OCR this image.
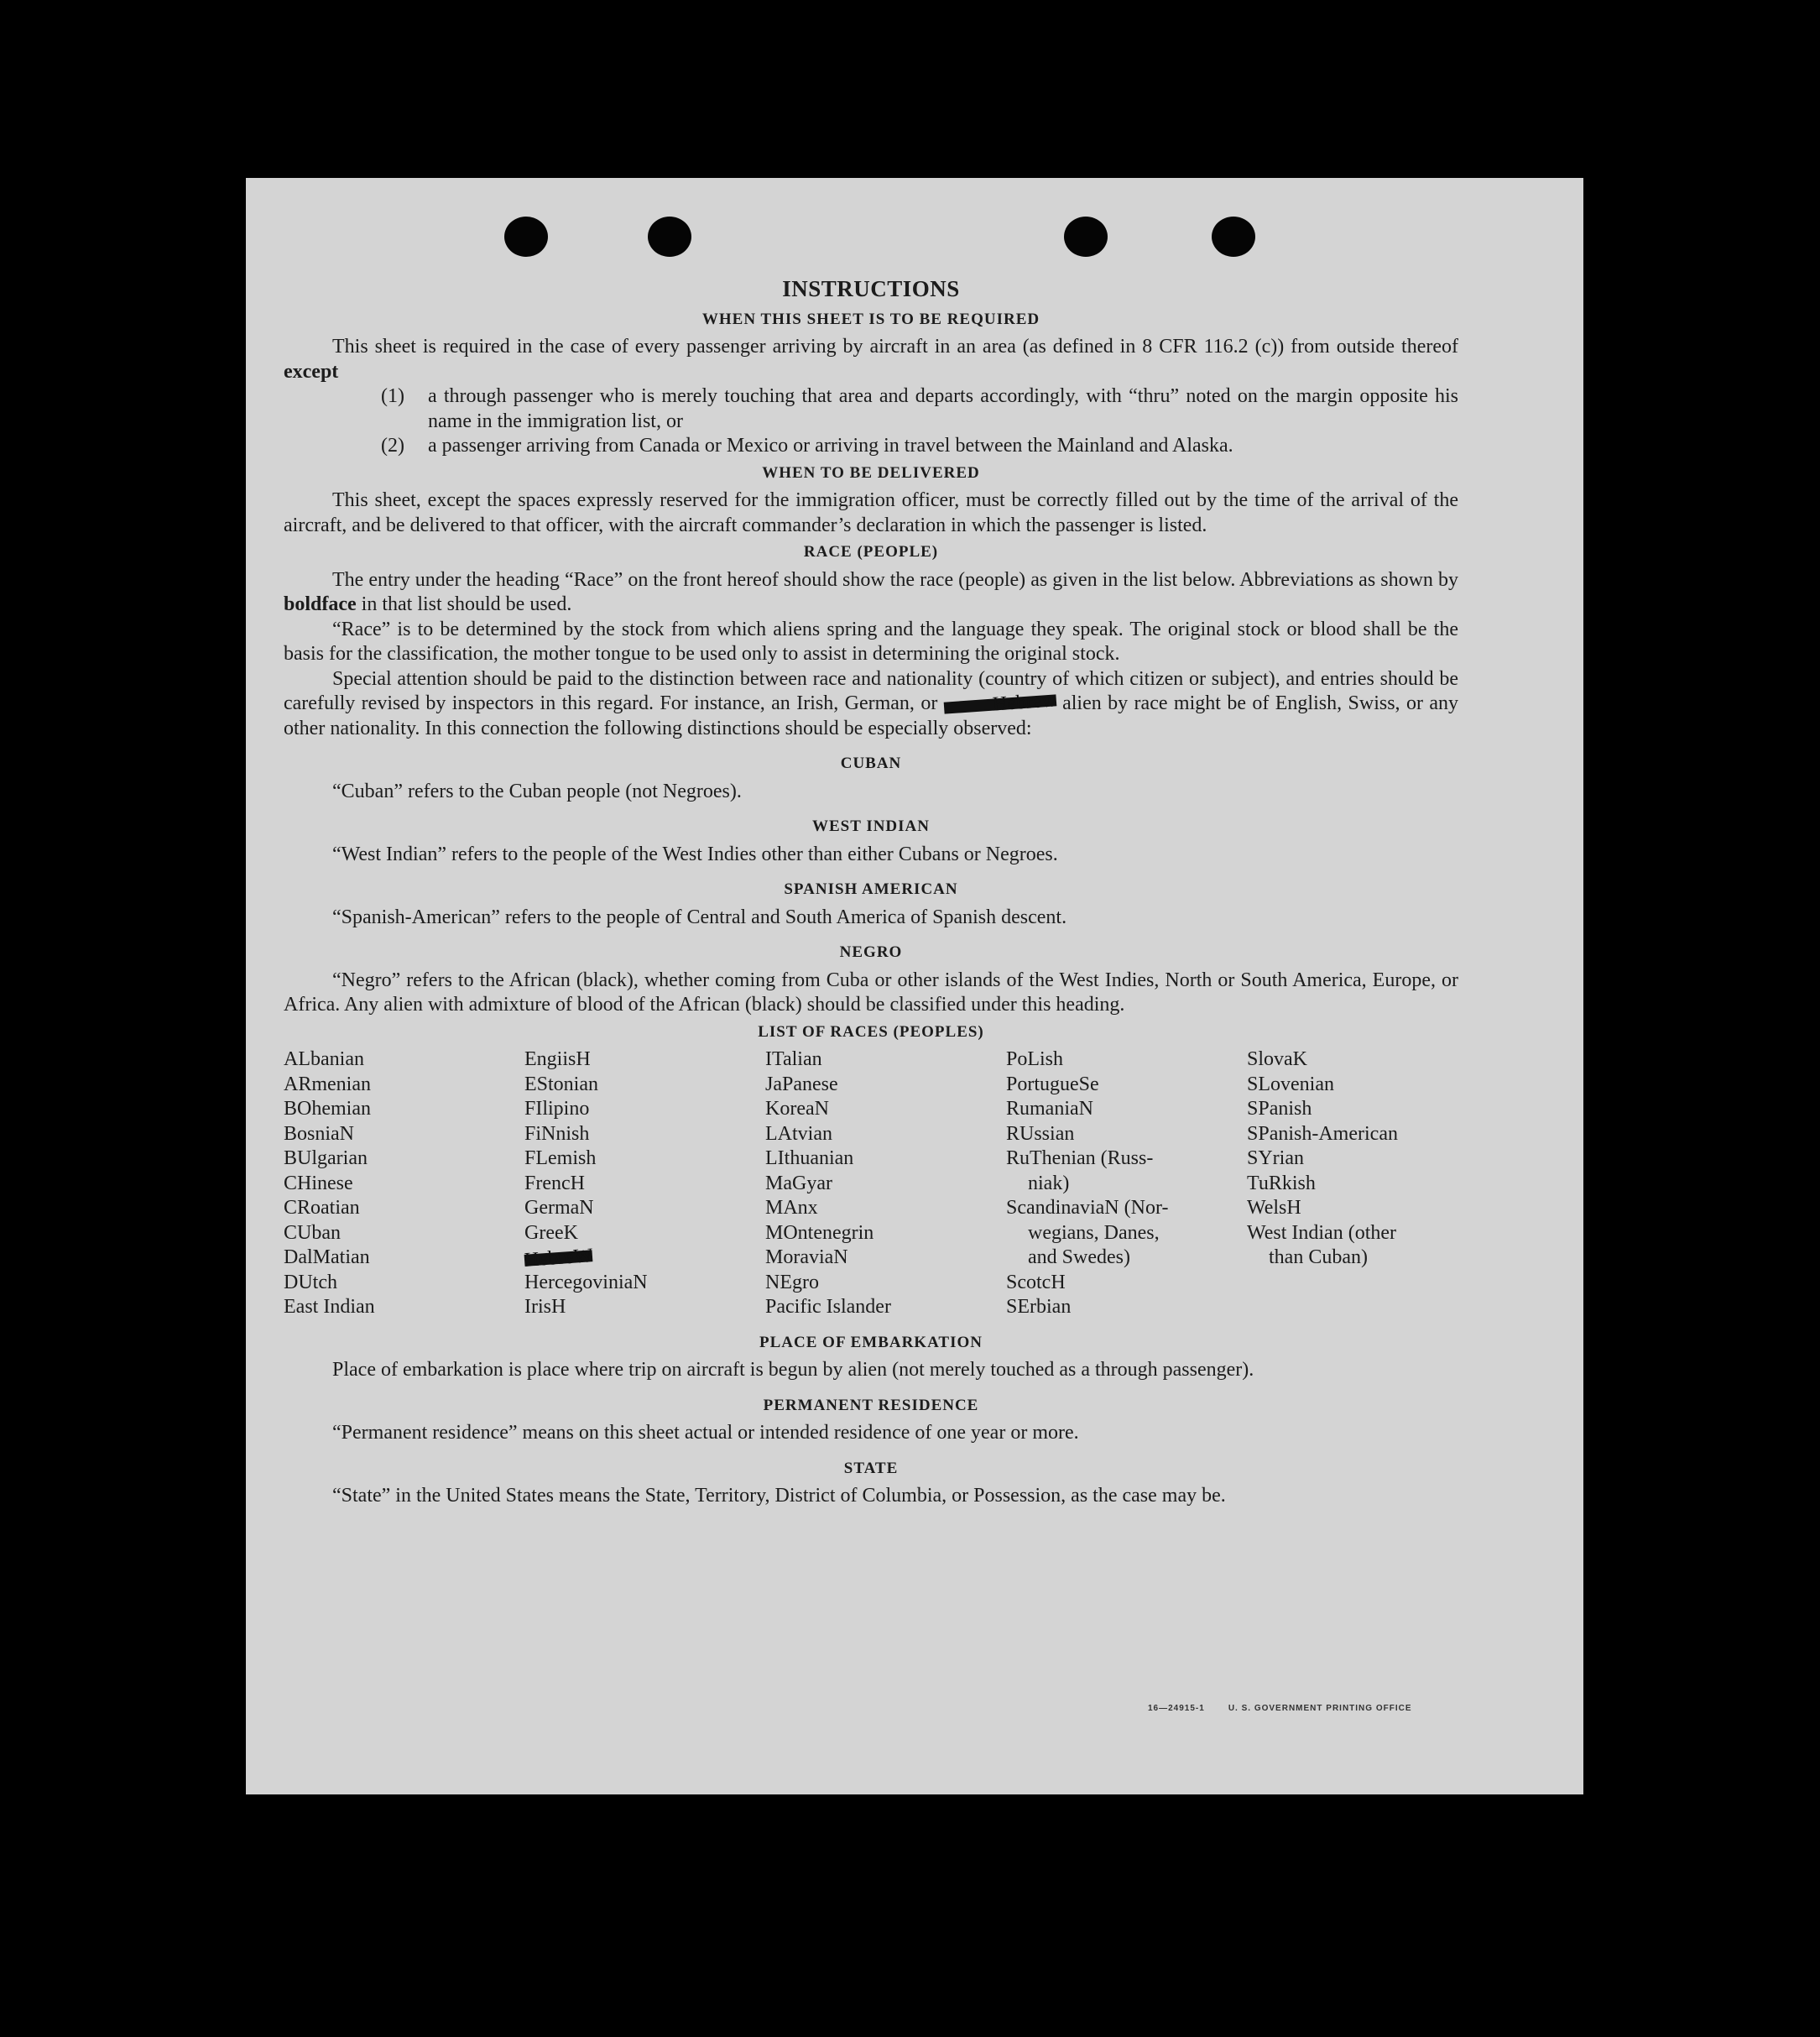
INSTRUCTIONS
WHEN THIS SHEET IS TO BE REQUIRED

This sheet is required in the case of every passenger arriving by aircraft in an area (as defined in 8 CFR 116.2 (c)) from outside thereof except

(1)	a through passenger who is merely touching that area and departs accordingly, with “thru” noted on the margin opposite his name in the immigration list, or
(2)	a passenger arriving from Canada or Mexico or arriving in travel between the Mainland and Alaska.
WHEN TO BE DELIVERED

This sheet, except the spaces expressly reserved for the immigration officer, must be correctly filled out by the time of the arrival of the aircraft, and be delivered to that officer, with the aircraft commander’s declaration in which the passenger is listed.

RACE (PEOPLE)

The entry under the heading “Race” on the front hereof should show the race (people) as given in the list below. Abbreviations as shown by boldface in that list should be used.

“Race” is to be determined by the stock from which aliens spring and the language they speak. The original stock or blood shall be the basis for the classification, the mother tongue to be used only to assist in determining the original stock.

Special attention should be paid to the distinction between race and nationality (country of which citizen or subject), and entries should be carefully revised by inspectors in this regard. For instance, an Irish, German, or Hebrew alien by race might be of English, Swiss, or any other nationality. In this connection the following distinctions should be especially observed:

CUBAN

“Cuban” refers to the Cuban people (not Negroes).

WEST INDIAN

“West Indian” refers to the people of the West Indies other than either Cubans or Negroes.

SPANISH AMERICAN

“Spanish-American” refers to the people of Central and South America of Spanish descent.

NEGRO

“Negro” refers to the African (black), whether coming from Cuba or other islands of the West Indies, North or South America, Europe, or Africa. Any alien with admixture of blood of the African (black) should be classified under this heading.

LIST OF RACES (PEOPLES)
ALbanian
ARmenian
BOhemian
BosniaN
BUlgarian
CHinese
CRoatian
CUban
DalMatian
DUtch
East Indian
EngiisH
EStonian
FIlipino
FiNnish
FLemish
FrencH
GermaN
GreeK
HebreW
HercegoviniaN
IrisH
ITalian
JaPanese
KoreaN
LAtvian
LIthuanian
MaGyar
MAnx
MOntenegrin
MoraviaN
NEgro
Pacific Islander
PoLish
PortugueSe
RumaniaN
RUssian
RuThenian (Russ-
niak)
ScandinaviaN (Nor-
wegians, Danes,
and Swedes)
ScotcH
SErbian
SlovaK
SLovenian
SPanish
SPanish-American
SYrian
TuRkish
WelsH
West Indian (other
than Cuban)
PLACE OF EMBARKATION

Place of embarkation is place where trip on aircraft is begun by alien (not merely touched as a through passenger).

PERMANENT RESIDENCE

“Permanent residence” means on this sheet actual or intended residence of one year or more.

STATE

“State” in the United States means the State, Territory, District of Columbia, or Possession, as the case may be.

16—24915-1	U. S. GOVERNMENT PRINTING OFFICE
